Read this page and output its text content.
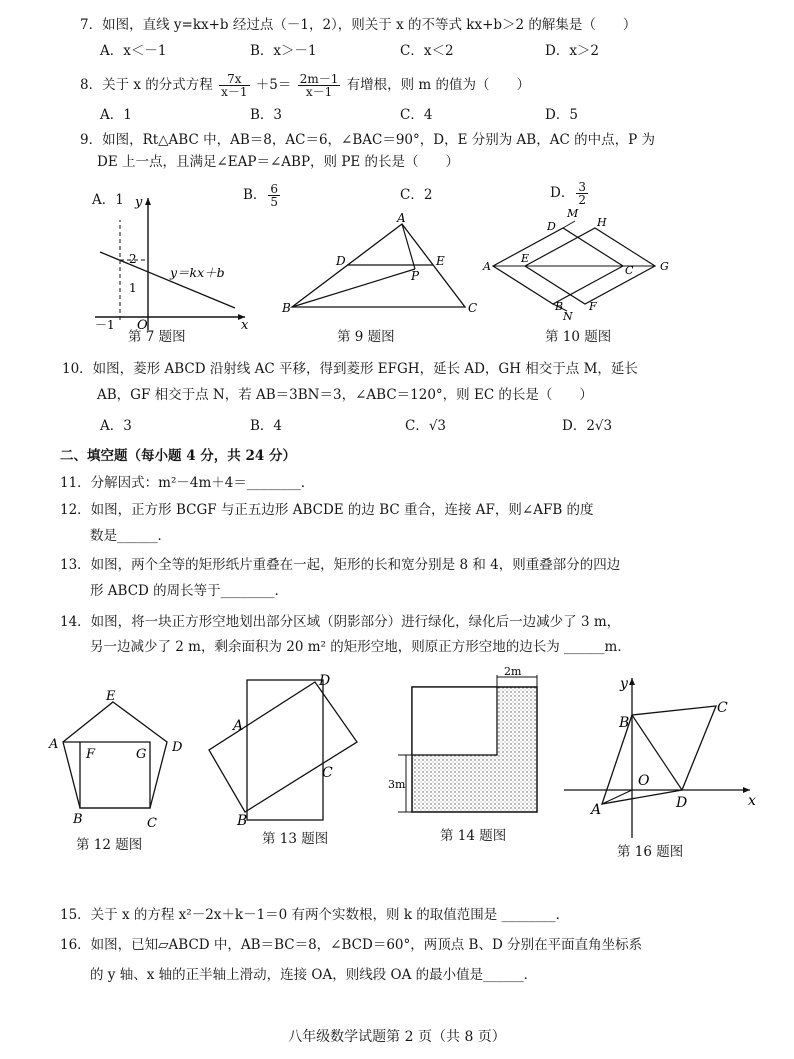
7．如图，直线 y=kx+b 经过点（－1，2），则关于 x 的不等式 kx+b＞2 的解集是（　　）
A．x＜－1	B．x＞－1	C．x＜2	D．x＞2
8．关于 x 的分式方程 $\frac{7x}{x-1} +5= \frac{2m-1}{x-1}$ 有增根，则 m 的值为（　　）
A．1	B．3	C．4	D．5
9．如图，Rt△ABC 中，AB＝8，AC＝6，∠BAC＝90°，D，E 分别为 AB，AC 的中点，P 为
DE 上一点，且满足∠EAP＝∠ABP，则 PE 的长是（　　）
A．1	B． $\frac{6}{5}$	C．2	D． $\frac{3}{2}$
y
x
O
2
1
－1
y＝kx＋b
第 7 题图
A
B	C
D	E
P
第 9 题图
A
D
M
H
E
C G
B
N
F
第 10 题图
10．如图，菱形 ABCD 沿射线 AC 平移，得到菱形 EFGH，延长 AD，GH 相交于点 M，延长
AB，GF 相交于点 N，若 AB＝3BN＝3，∠ABC＝120°，则 EC 的长是（　　）
A．3	B．4	C．√3	D．2√3
二、填空题（每小题 4 分，共 24 分）
11．分解因式：m²－4m＋4＝________．
12．如图，正方形 BCGF 与正五边形 ABCDE 的边 BC 重合，连接 AF，则∠AFB 的度
数是______．
13．如图，两个全等的矩形纸片重叠在一起，矩形的长和宽分别是 8 和 4，则重叠部分的四边
形 ABCD 的周长等于________．
14．如图，将一块正方形空地划出部分区域（阴影部分）进行绿化，绿化后一边减少了 3 m，
另一边减少了 2 m，剩余面积为 20 m² 的矩形空地，则原正方形空地的边长为 ______m．
E
A
F	G D
B	C
第 12 题图
A
B
C
D
第 13 题图
2m
3m
第 14 题图
y
x
B
C
O
D
A
第 16 题图
15．关于 x 的方程 x²－2x＋k－1＝0 有两个实数根，则 k 的取值范围是 ________．
16．如图，已知▱ABCD 中，AB＝BC＝8，∠BCD＝60°，两顶点 B、D 分别在平面直角坐标系
的 y 轴、x 轴的正半轴上滑动，连接 OA，则线段 OA 的最小值是______．
八年级数学试题第 2 页（共 8 页）
